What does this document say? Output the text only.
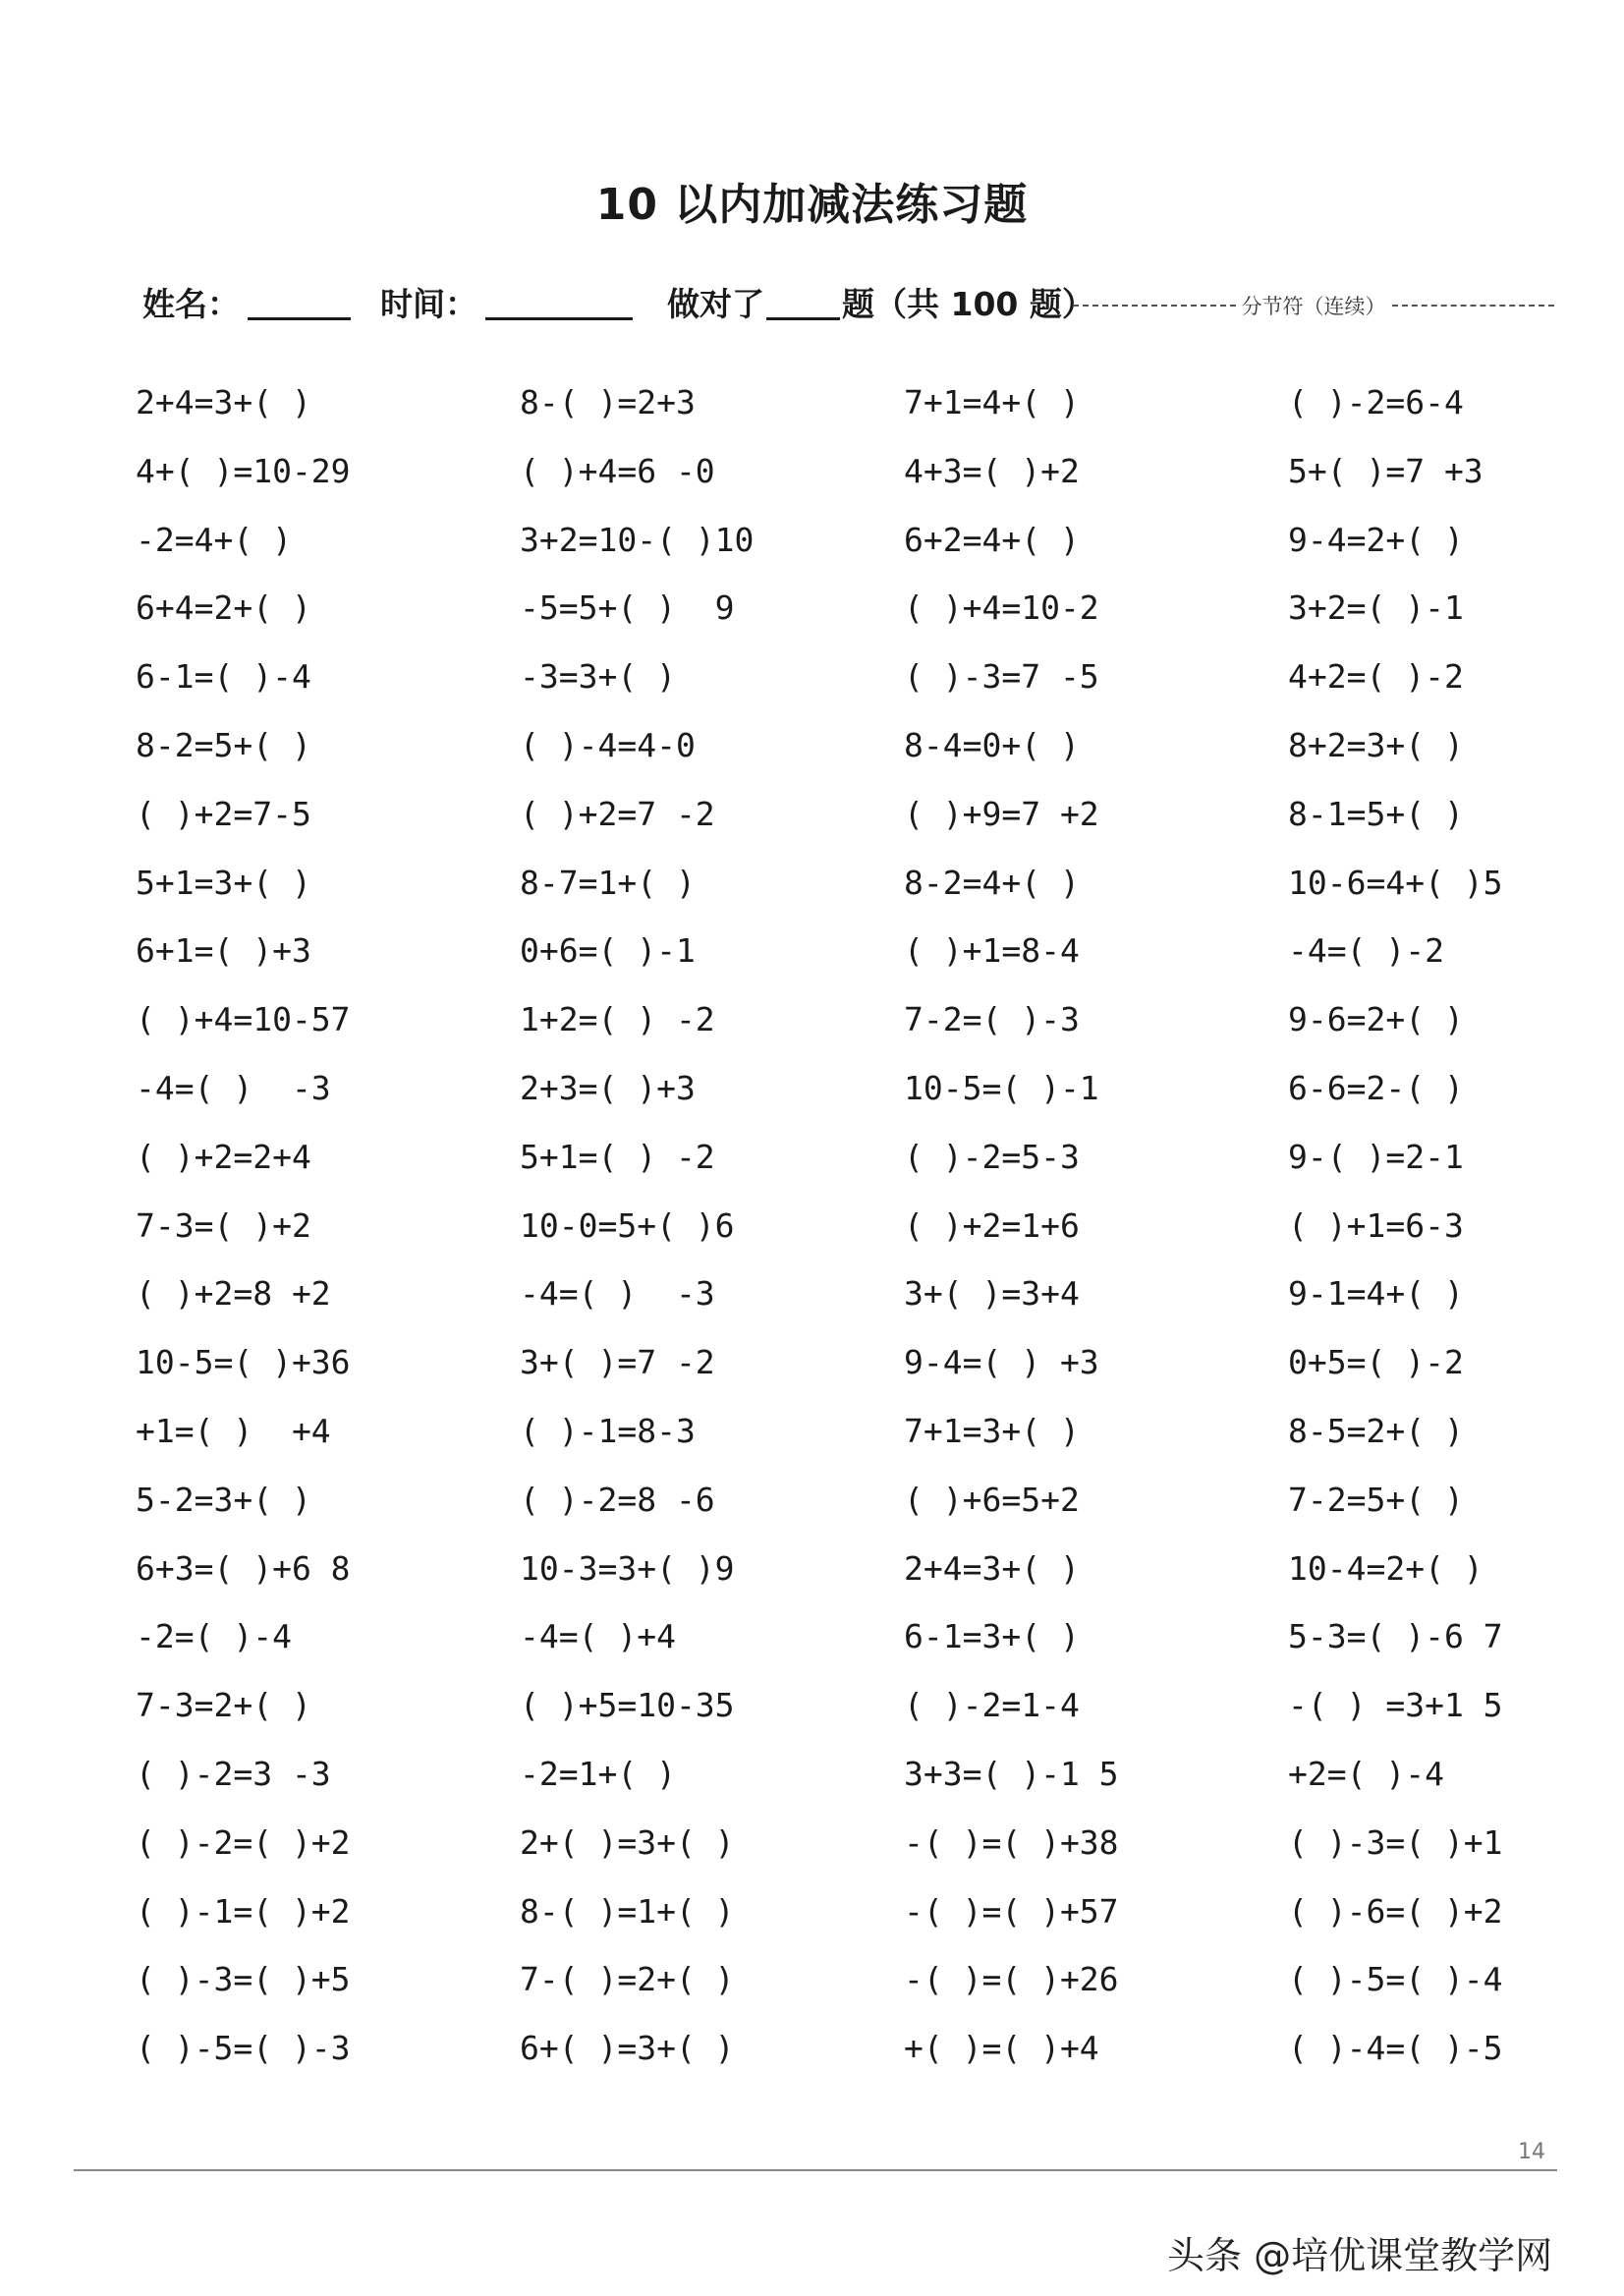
10 以内加减法练习题
姓名：	时间：	做对了 题（共 100 题）	分节符（连续）
2+4=3+( )	8-( )=2+3	7+1=4+( )	( )-2=6-4
4+( )=10-29	( )+4=6 -0	4+3=( )+2	5+( )=7 +3
-2=4+( )	3+2=10-( )10	6+2=4+( )	9-4=2+( )
6+4=2+( )	-5=5+( )  9	( )+4=10-2	3+2=( )-1
6-1=( )-4	-3=3+( )	( )-3=7 -5	4+2=( )-2
8-2=5+( )	( )-4=4-0	8-4=0+( )	8+2=3+( )
( )+2=7-5	( )+2=7 -2	( )+9=7 +2	8-1=5+( )
5+1=3+( )	8-7=1+( )	8-2=4+( )	10-6=4+( )5
6+1=( )+3	0+6=( )-1	( )+1=8-4	-4=( )-2
( )+4=10-57	1+2=( ) -2	7-2=( )-3	9-6=2+( )
-4=( )  -3	2+3=( )+3	10-5=( )-1	6-6=2-( )
( )+2=2+4	5+1=( ) -2	( )-2=5-3	9-( )=2-1
7-3=( )+2	10-0=5+( )6	( )+2=1+6	( )+1=6-3
( )+2=8 +2	-4=( )  -3	3+( )=3+4	9-1=4+( )
10-5=( )+36	3+( )=7 -2	9-4=( ) +3	0+5=( )-2
+1=( )  +4	( )-1=8-3	7+1=3+( )	8-5=2+( )
5-2=3+( )	( )-2=8 -6	( )+6=5+2	7-2=5+( )
6+3=( )+6 8	10-3=3+( )9	2+4=3+( )	10-4=2+( )
-2=( )-4	-4=( )+4	6-1=3+( )	5-3=( )-6 7
7-3=2+( )	( )+5=10-35	( )-2=1-4	-( ) =3+1 5
( )-2=3 -3	-2=1+( )	3+3=( )-1 5	+2=( )-4
( )-2=( )+2	2+( )=3+( )	-( )=( )+38	( )-3=( )+1
( )-1=( )+2	8-( )=1+( )	-( )=( )+57	( )-6=( )+2
( )-3=( )+5	7-( )=2+( )	-( )=( )+26	( )-5=( )-4
( )-5=( )-3	6+( )=3+( )	+( )=( )+4	( )-4=( )-5
14
头条 @培优课堂教学网
